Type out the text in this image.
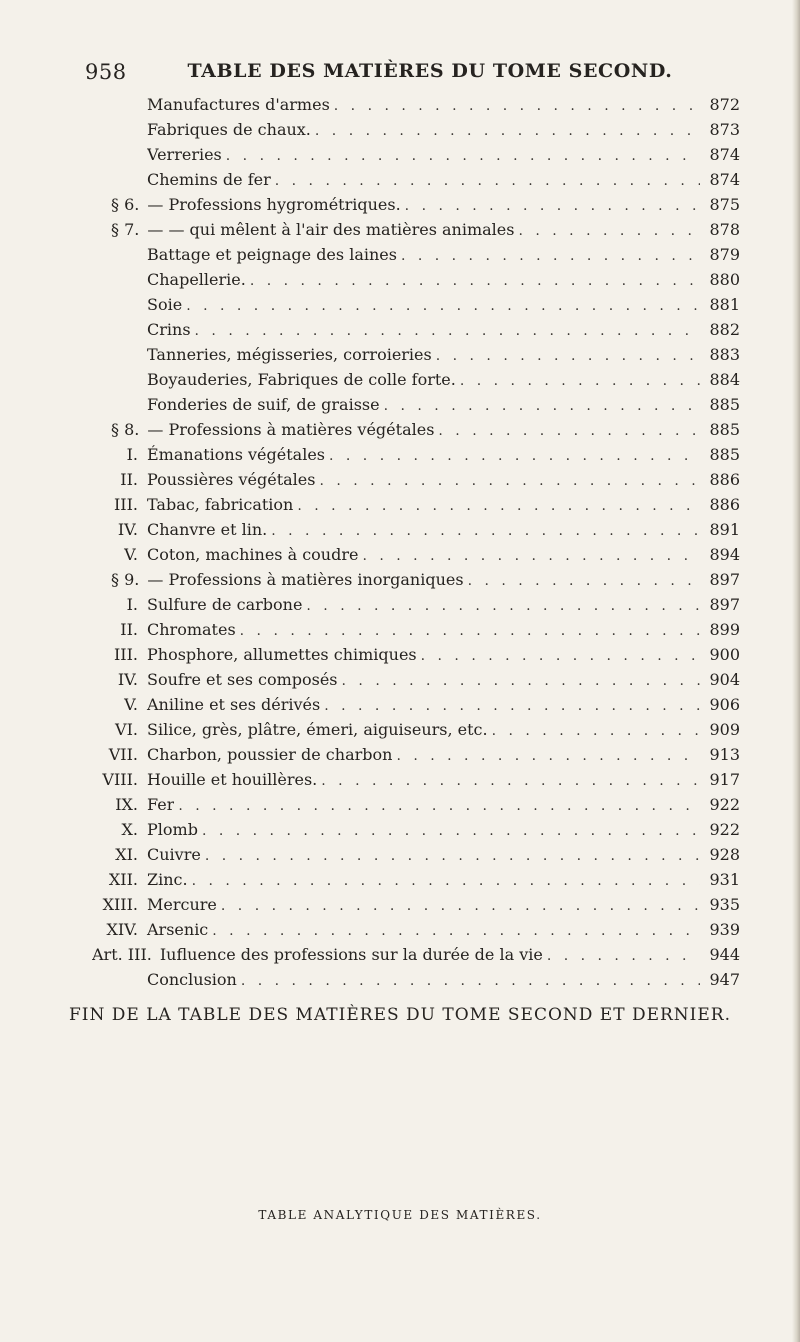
958	TABLE DES MATIÈRES DU TOME SECOND.
Manufactures d'armes . . .	872
Fabriques de chaux. . . .	873
Verreries . . .	874
Chemins de fer . . .	874
§ 6. — Professions hygrométriques. . . .	875
§ 7. — — qui mêlent à l'air des matières animales . . .	878
Battage et peignage des laines . . .	879
Chapellerie. . . .	880
Soie . . .	881
Crins . . .	882
Tanneries, mégisseries, corroieries . . .	883
Boyauderies, Fabriques de colle forte. . . .	884
Fonderies de suif, de graisse . . .	885
§ 8. — Professions à matières végétales . . .	885
I. Émanations végétales . . .	885
II. Poussières végétales . . .	886
III. Tabac, fabrication . . .	886
IV. Chanvre et lin. . . .	891
V. Coton, machines à coudre . . .	894
§ 9. — Professions à matières inorganiques . . .	897
I. Sulfure de carbone . . .	897
II. Chromates . . .	899
III. Phosphore, allumettes chimiques . . .	900
IV. Soufre et ses composés . . .	904
V. Aniline et ses dérivés . . .	906
VI. Silice, grès, plâtre, émeri, aiguiseurs, etc. . . .	909
VII. Charbon, poussier de charbon . . .	913
VIII. Houille et houillères. . . .	917
IX. Fer . . .	922
X. Plomb . . .	922
XI. Cuivre . . .	928
XII. Zinc. . . .	931
XIII. Mercure . . .	935
XIV. Arsenic . . .	939
Art. III. Iufluence des professions sur la durée de la vie . . .	944
Conclusion . . .	947
FIN DE LA TABLE DES MATIÈRES DU TOME SECOND ET DERNIER.
TABLE ANALYTIQUE DES MATIÈRES.
